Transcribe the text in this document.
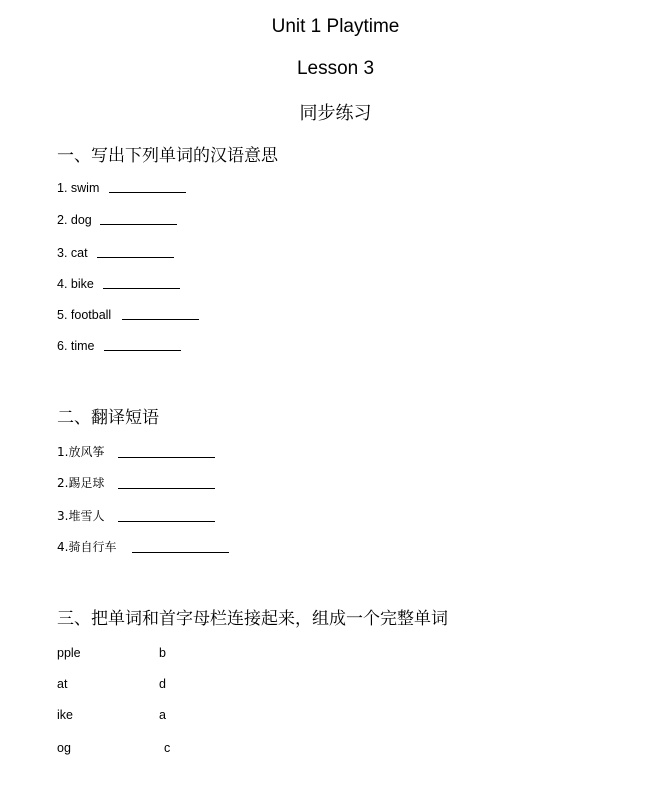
Unit 1 Playtime
Lesson 3
同步练习
一、写出下列单词的汉语意思
1. swim
2. dog
3. cat
4. bike
5. football
6. time
二、翻译短语
1.放风筝
2.踢足球
3.堆雪人
4.骑自行车
三、把单词和首字母栏连接起来，组成一个完整单词
pple	b
at	d
ike	a
og	c
